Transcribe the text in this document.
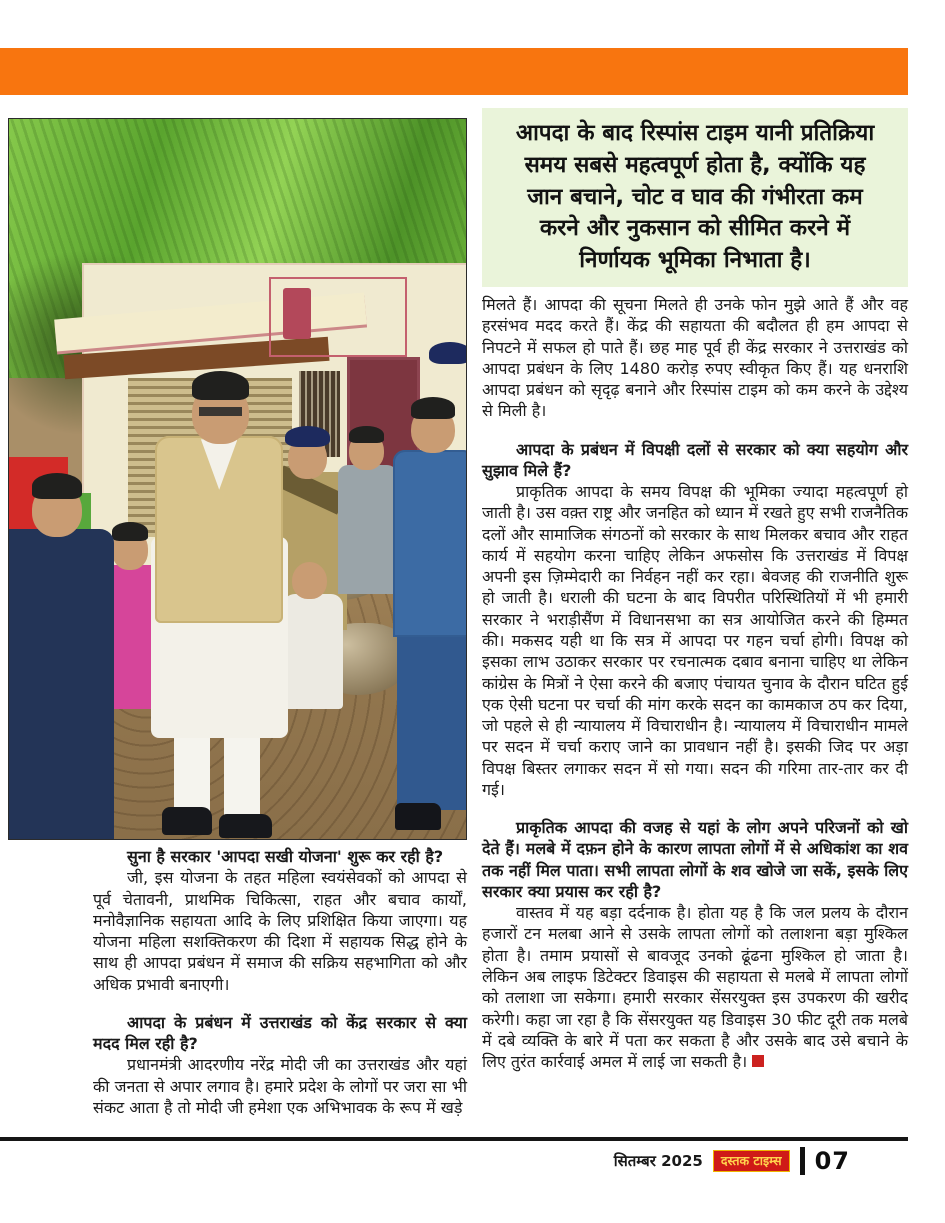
आपदा के बाद रिस्पांस टाइम यानी प्रतिक्रिया समय सबसे महत्वपूर्ण होता है, क्योंकि यह जान बचाने, चोट व घाव की गंभीरता कम करने और नुकसान को सीमित करने में निर्णायक भूमिका निभाता है।
मिलते हैं। आपदा की सूचना मिलते ही उनके फोन मुझे आते हैं और वह हरसंभव मदद करते हैं। केंद्र की सहायता की बदौलत ही हम आपदा से निपटने में सफल हो पाते हैं। छह माह पूर्व ही केंद्र सरकार ने उत्तराखंड को आपदा प्रबंधन के लिए 1480 करोड़ रुपए स्वीकृत किए हैं। यह धनराशि आपदा प्रबंधन को सृदृढ़ बनाने और रिस्पांस टाइम को कम करने के उद्देश्य से मिली है।
आपदा के प्रबंधन में विपक्षी दलों से सरकार को क्या सहयोग और सुझाव मिले हैं?
प्राकृतिक आपदा के समय विपक्ष की भूमिका ज्यादा महत्वपूर्ण हो जाती है। उस वक़्त राष्ट्र और जनहित को ध्यान में रखते हुए सभी राजनैतिक दलों और सामाजिक संगठनों को सरकार के साथ मिलकर बचाव और राहत कार्य में सहयोग करना चाहिए लेकिन अफसोस कि उत्तराखंड में विपक्ष अपनी इस ज़िम्मेदारी का निर्वहन नहीं कर रहा। बेवजह की राजनीति शुरू हो जाती है। धराली की घटना के बाद विपरीत परिस्थितियों में भी हमारी सरकार ने भराड़ीसैंण में विधानसभा का सत्र आयोजित करने की हिम्मत की। मकसद यही था कि सत्र में आपदा पर गहन चर्चा होगी। विपक्ष को इसका लाभ उठाकर सरकार पर रचनात्मक दबाव बनाना चाहिए था लेकिन कांग्रेस के मित्रों ने ऐसा करने की बजाए पंचायत चुनाव के दौरान घटित हुई एक ऐसी घटना पर चर्चा की मांग करके सदन का कामकाज ठप कर दिया, जो पहले से ही न्यायालय में विचाराधीन है। न्यायालय में विचाराधीन मामले पर सदन में चर्चा कराए जाने का प्रावधान नहीं है। इसकी जिद पर अड़ा विपक्ष बिस्तर लगाकर सदन में सो गया। सदन की गरिमा तार-तार कर दी गई।
प्राकृतिक आपदा की वजह से यहां के लोग अपने परिजनों को खो देते हैं। मलबे में दफ़न होने के कारण लापता लोगों में से अधिकांश का शव तक नहीं मिल पाता। सभी लापता लोगों के शव खोजे जा सकें, इसके लिए सरकार क्या प्रयास कर रही है?
वास्तव में यह बड़ा दर्दनाक है। होता यह है कि जल प्रलय के दौरान हजारों टन मलबा आने से उसके लापता लोगों को तलाशना बड़ा मुश्किल होता है। तमाम प्रयासों से बावजूद उनको ढूंढना मुश्किल हो जाता है। लेकिन अब लाइफ डिटेक्टर डिवाइस की सहायता से मलबे में लापता लोगों को तलाशा जा सकेगा। हमारी सरकार सेंसरयुक्त इस उपकरण की खरीद करेगी। कहा जा रहा है कि सेंसरयुक्त यह डिवाइस 30 फीट दूरी तक मलबे में दबे व्यक्ति के बारे में पता कर सकता है और उसके बाद उसे बचाने के लिए तुरंत कार्रवाई अमल में लाई जा सकती है।
सुना है सरकार 'आपदा सखी योजना' शुरू कर रही है?
जी, इस योजना के तहत महिला स्वयंसेवकों को आपदा से पूर्व चेतावनी, प्राथमिक चिकित्सा, राहत और बचाव कार्यों, मनोवैज्ञानिक सहायता आदि के लिए प्रशिक्षित किया जाएगा। यह योजना महिला सशक्तिकरण की दिशा में सहायक सिद्ध होने के साथ ही आपदा प्रबंधन में समाज की सक्रिय सहभागिता को और अधिक प्रभावी बनाएगी।
आपदा के प्रबंधन में उत्तराखंड को केंद्र सरकार से क्या मदद मिल रही है?
प्रधानमंत्री आदरणीय नरेंद्र मोदी जी का उत्तराखंड और यहां की जनता से अपार लगाव है। हमारे प्रदेश के लोगों पर जरा सा भी संकट आता है तो मोदी जी हमेशा एक अभिभावक के रूप में खड़े
सितम्बर 2025	दस्तक टाइम्स	07
